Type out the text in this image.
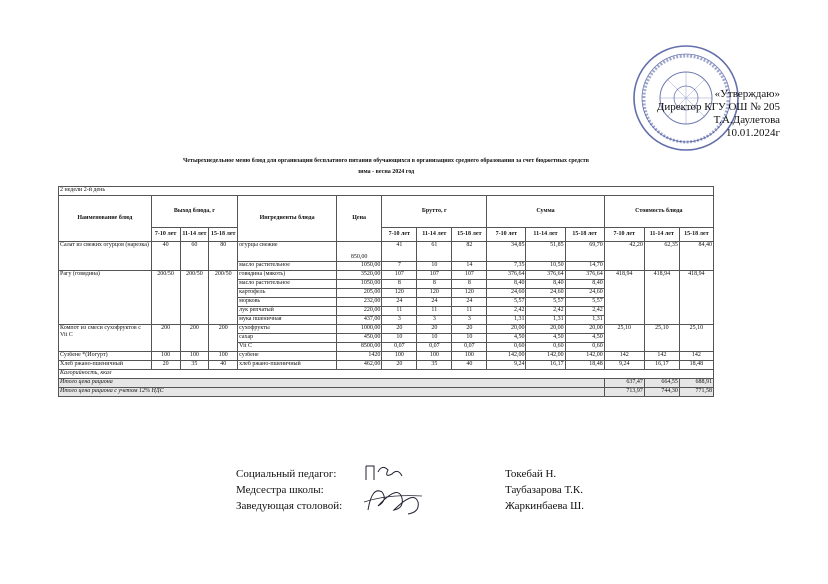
«Утверждаю»
Директор КГУ ОШ № 205
Т.А.Даулетова
10.01.2024г
Четырехнедельное меню блюд для организации бесплатного питания обучающихся в организациях среднего образования за счет бюджетных средств
зима - весна 2024 год
2 недели 2-й день														
Наименование блюд	Выход блюда, г			Ингредиенты блюда	Цена	Брутто, г			Сумма			Стоимость блюда		
	7-10 лет	11-14 лет	15-18 лет			7-10 лет	11-14 лет	15-18 лет	7-10 лет	11-14 лет	15-18 лет	7-10 лет	11-14 лет	15-18 лет
Салат из свежих огурцов (нарезка)	40	60	80	огурцы свежие	850,00	41	61	82	34,85	51,85	69,70	42,20	62,35	84,40
				масло растительное	1050,00	7	10	14	7,35	10,50	14,70			
Рагу (говядина)	200/50	200/50	200/50	говядина (мякоть)	3520,00	107	107	107	376,64	376,64	376,64	418,94	418,94	418,94
				масло растительное	1050,00	8	8	8	8,40	8,40	8,40			
				картофель	205,00	120	120	120	24,60	24,60	24,60			
				морковь	232,00	24	24	24	5,57	5,57	5,57			
				лук репчатый	220,00	11	11	11	2,42	2,42	2,42			
				мука пшеничная	437,00	3	3	3	1,31	1,31	1,31			
Компот из смеси сухофруктов с Vit С	200	200	200	сухофрукты	1000,00	20	20	20	20,00	20,00	20,00	25,10	25,10	25,10
				сахар	450,00	10	10	10	4,50	4,50	4,50			
				Vit C	8500,00	0,07	0,07	0,07	0,60	0,60	0,60			
Сузбене *(Йогурт)	100	100	100	сузбене	1420	100	100	100	142,00	142,00	142,00	142	142	142
Хлеб ржано-пшеничный	20	35	40	хлеб ржано-пшеничный	462,00	20	35	40	9,24	16,17	18,48	9,24	16,17	18,48
Калорийность, ккал														
Итого цена рациона												637,47	664,55	688,91
Итого цена рациона с учетом 12% НДС												713,97	744,30	771,58
Социальный педагог:
Медсестра школы:
Заведующая столовой:
Токебай Н.
Таубазарова Т.К.
Жаркинбаева Ш.
